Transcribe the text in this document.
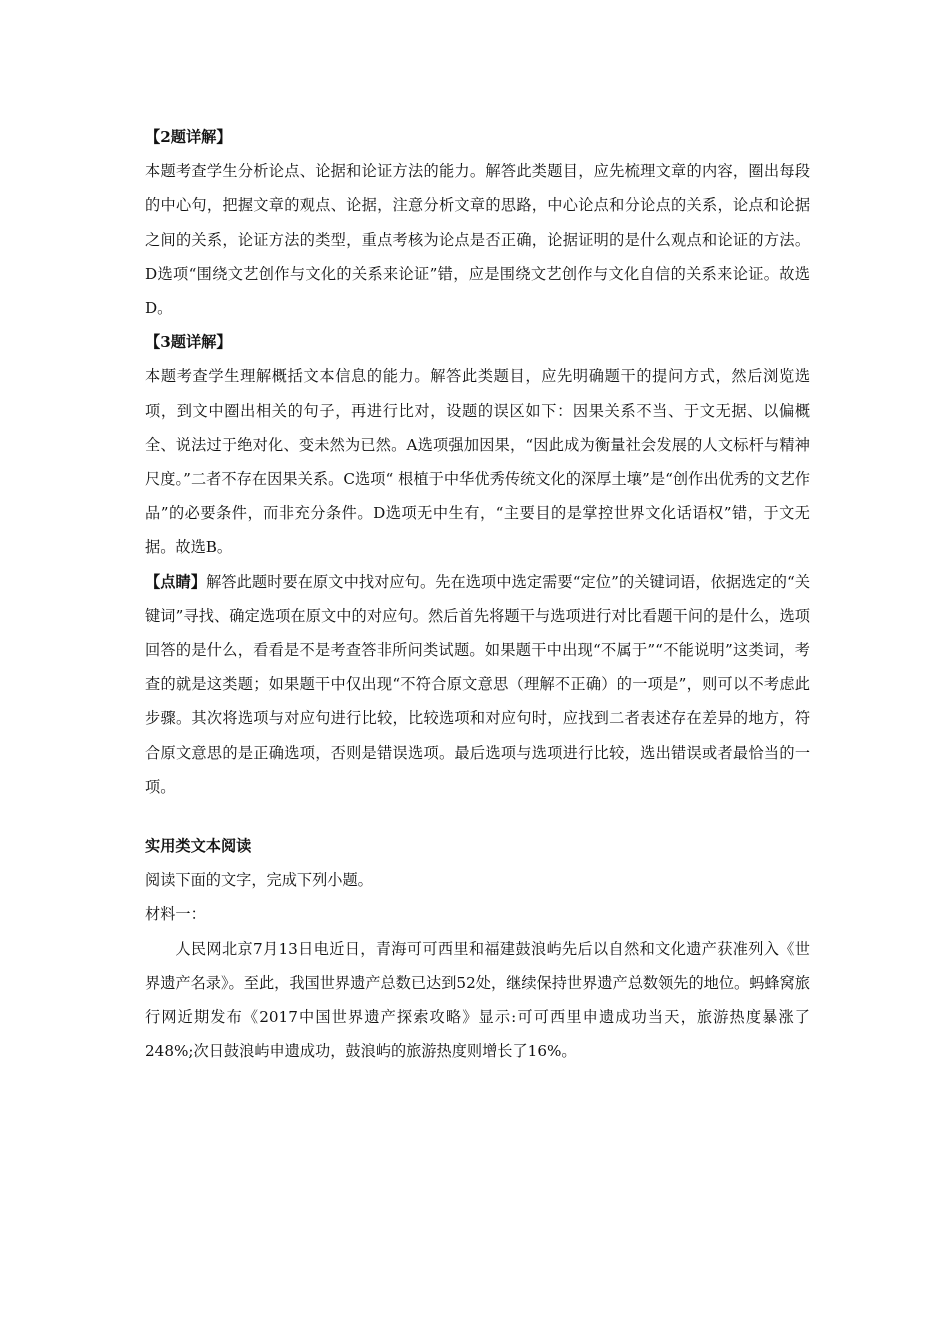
【2题详解】

本题考查学生分析论点、论据和论证方法的能力。解答此类题目，应先梳理文章的内容，圈出每段的中心句，把握文章的观点、论据，注意分析文章的思路，中心论点和分论点的关系，论点和论据之间的关系，论证方法的类型，重点考核为论点是否正确，论据证明的是什么观点和论证的方法。D选项“围绕文艺创作与文化的关系来论证”错，应是围绕文艺创作与文化自信的关系来论证。故选D。

【3题详解】

本题考查学生理解概括文本信息的能力。解答此类题目，应先明确题干的提问方式，然后浏览选项，到文中圈出相关的句子，再进行比对，设题的误区如下：因果关系不当、于文无据、以偏概全、说法过于绝对化、变未然为已然。A选项强加因果，“因此成为衡量社会发展的人文标杆与精神尺度。”二者不存在因果关系。C选项“ 根植于中华优秀传统文化的深厚土壤”是“创作出优秀的文艺作品”的必要条件，而非充分条件。D选项无中生有，“主要目的是掌控世界文化话语权”错，于文无据。故选B。

【点睛】解答此题时要在原文中找对应句。先在选项中选定需要“定位”的关键词语，依据选定的“关键词”寻找、确定选项在原文中的对应句。然后首先将题干与选项进行对比看题干问的是什么，选项回答的是什么，看看是不是考查答非所问类试题。如果题干中出现“不属于”“不能说明”这类词，考查的就是这类题；如果题干中仅出现“不符合原文意思（理解不正确）的一项是”，则可以不考虑此步骤。其次将选项与对应句进行比较，比较选项和对应句时，应找到二者表述存在差异的地方，符合原文意思的是正确选项，否则是错误选项。最后选项与选项进行比较，选出错误或者最恰当的一项。

实用类文本阅读

阅读下面的文字，完成下列小题。

材料一：

人民网北京7月13日电近日，青海可可西里和福建鼓浪屿先后以自然和文化遗产获准列入《世界遗产名录》。至此，我国世界遗产总数已达到52处，继续保持世界遗产总数领先的地位。蚂蜂窝旅行网近期发布《2017中国世界遗产探索攻略》显示:可可西里申遗成功当天，旅游热度暴涨了248%;次日鼓浪屿申遗成功，鼓浪屿的旅游热度则增长了16%。
